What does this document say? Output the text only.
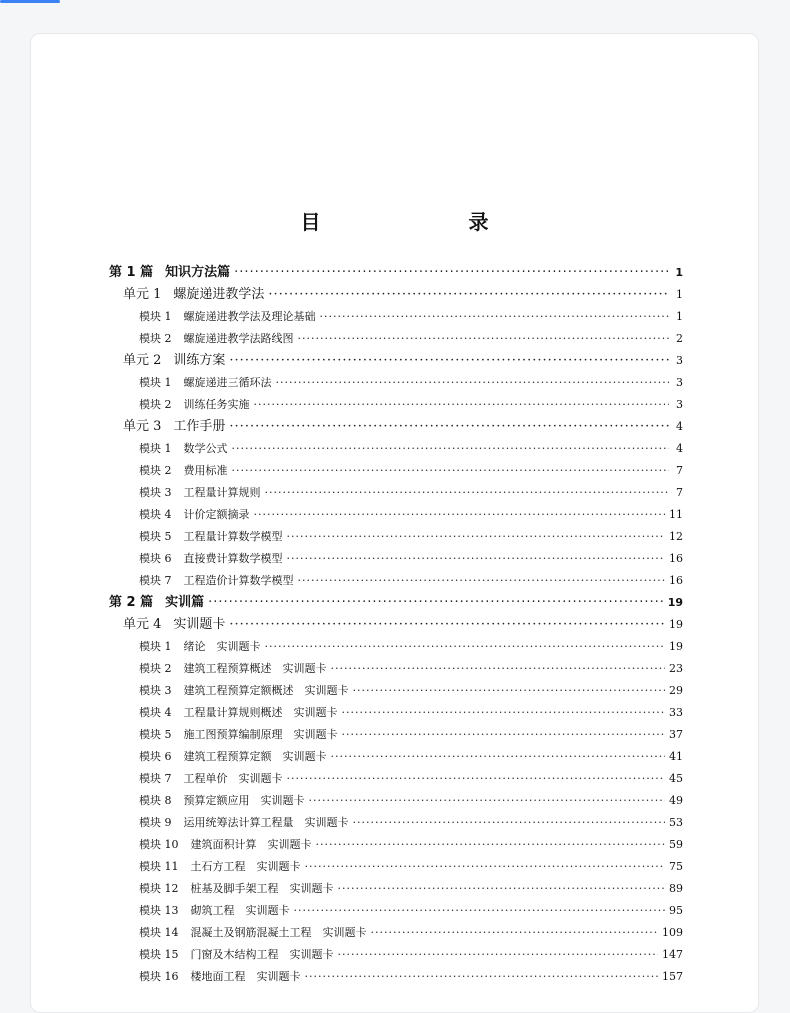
目　　录
第 1 篇 知识方法篇 ·····	1
单元 1 螺旋递进教学法 ·····	1
模块 1 螺旋递进教学法及理论基础 ·····	1
模块 2 螺旋递进教学法路线图 ·····	2
单元 2 训练方案 ·····	3
模块 1 螺旋递进三循环法 ·····	3
模块 2 训练任务实施 ·····	3
单元 3 工作手册 ·····	4
模块 1 数学公式 ·····	4
模块 2 费用标准 ·····	7
模块 3 工程量计算规则 ·····	7
模块 4 计价定额摘录 ·····	11
模块 5 工程量计算数学模型 ·····	12
模块 6 直接费计算数学模型 ·····	16
模块 7 工程造价计算数学模型 ·····	16
第 2 篇 实训篇 ·····	19
单元 4 实训题卡 ·····	19
模块 1 绪论　实训题卡 ·····	19
模块 2 建筑工程预算概述　实训题卡 ·····	23
模块 3 建筑工程预算定额概述　实训题卡 ·····	29
模块 4 工程量计算规则概述　实训题卡 ·····	33
模块 5 施工图预算编制原理　实训题卡 ·····	37
模块 6 建筑工程预算定额　实训题卡 ·····	41
模块 7 工程单价　实训题卡 ·····	45
模块 8 预算定额应用　实训题卡 ·····	49
模块 9 运用统筹法计算工程量　实训题卡 ·····	53
模块 10 建筑面积计算　实训题卡 ·····	59
模块 11 土石方工程　实训题卡 ·····	75
模块 12 桩基及脚手架工程　实训题卡 ·····	89
模块 13 砌筑工程　实训题卡 ·····	95
模块 14 混凝土及钢筋混凝土工程　实训题卡 ·····	109
模块 15 门窗及木结构工程　实训题卡 ·····	147
模块 16 楼地面工程　实训题卡 ·····	157
